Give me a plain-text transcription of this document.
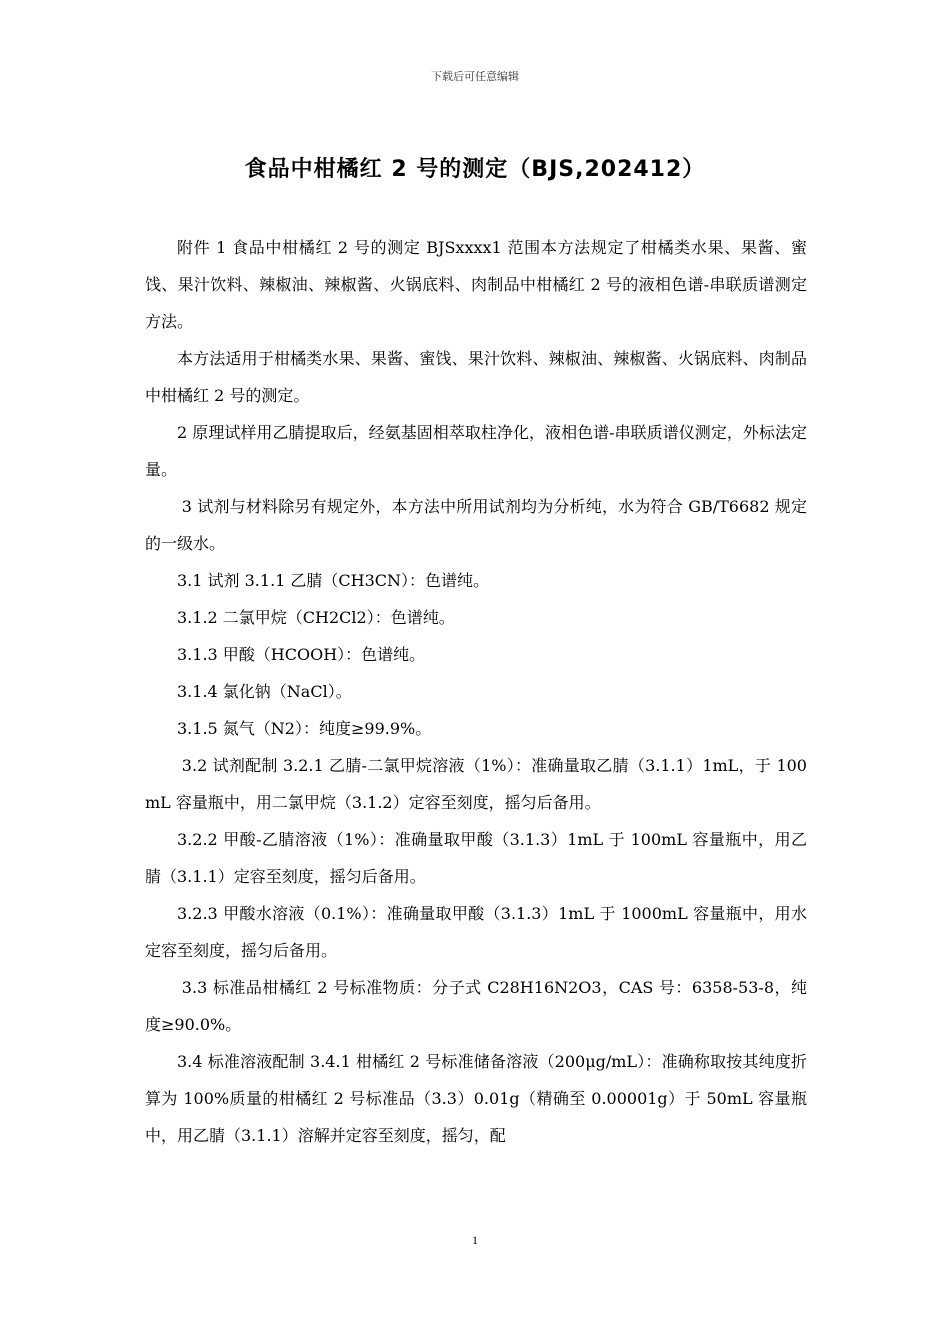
下载后可任意编辑
食品中柑橘红 2 号的测定（BJS,202412）

附件 1 食品中柑橘红 2 号的测定 BJSxxxx1 范围本方法规定了柑橘类水果、果酱、蜜饯、果汁饮料、辣椒油、辣椒酱、火锅底料、肉制品中柑橘红 2 号的液相色谱-串联质谱测定方法。

本方法适用于柑橘类水果、果酱、蜜饯、果汁饮料、辣椒油、辣椒酱、火锅底料、肉制品中柑橘红 2 号的测定。

2 原理试样用乙腈提取后，经氨基固相萃取柱净化，液相色谱-串联质谱仪测定，外标法定量。

3 试剂与材料除另有规定外，本方法中所用试剂均为分析纯，水为符合 GB/T6682 规定的一级水。

3.1 试剂 3.1.1 乙腈（CH3CN）：色谱纯。

3.1.2 二氯甲烷（CH2Cl2）：色谱纯。

3.1.3 甲酸（HCOOH）：色谱纯。

3.1.4 氯化钠（NaCl）。

3.1.5 氮气（N2）：纯度≥99.9%。

3.2 试剂配制 3.2.1 乙腈-二氯甲烷溶液（1%）：准确量取乙腈（3.1.1）1mL，于 100mL 容量瓶中，用二氯甲烷（3.1.2）定容至刻度，摇匀后备用。

3.2.2 甲酸-乙腈溶液（1%）：准确量取甲酸（3.1.3）1mL 于 100mL 容量瓶中，用乙腈（3.1.1）定容至刻度，摇匀后备用。

3.2.3 甲酸水溶液（0.1%）：准确量取甲酸（3.1.3）1mL 于 1000mL 容量瓶中，用水定容至刻度，摇匀后备用。

3.3 标准品柑橘红 2 号标准物质：分子式 C28H16N2O3，CAS 号：6358-53-8，纯度≥90.0%。

3.4 标准溶液配制 3.4.1 柑橘红 2 号标准储备溶液（200μg/mL）：准确称取按其纯度折算为 100%质量的柑橘红 2 号标准品（3.3）0.01g（精确至 0.00001g）于 50mL 容量瓶中，用乙腈（3.1.1）溶解并定容至刻度，摇匀，配

1
